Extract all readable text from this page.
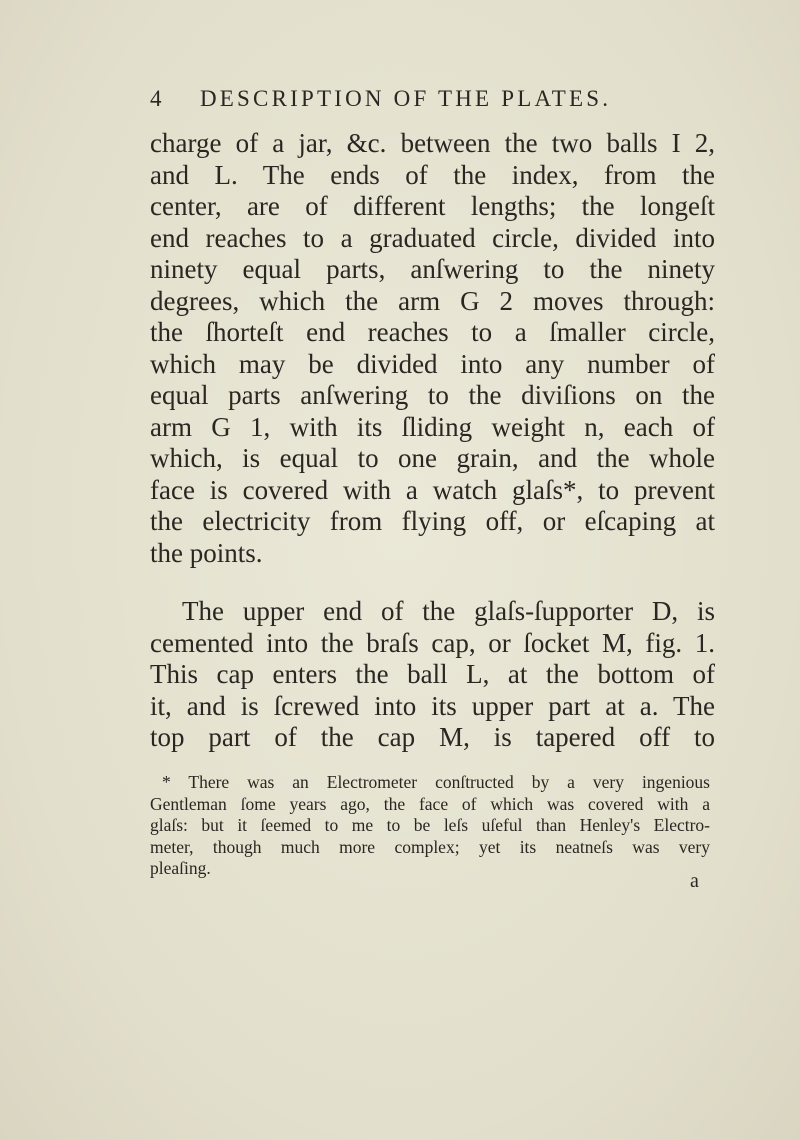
4 DESCRIPTION OF THE PLATES.
charge of a jar, &c. between the two balls I 2,
and L. The ends of the index, from the
center, are of different lengths; the longeſt
end reaches to a graduated circle, divided into
ninety equal parts, anſwering to the ninety
degrees, which the arm G 2 moves through:
the ſhorteſt end reaches to a ſmaller circle,
which may be divided into any number of
equal parts anſwering to the diviſions on the
arm G 1, with its ſliding weight n, each of
which, is equal to one grain, and the whole
face is covered with a watch glaſs*, to prevent
the electricity from flying off, or eſcaping at
the points.
The upper end of the glaſs-ſupporter D, is
cemented into the braſs cap, or ſocket M, fig. 1.
This cap enters the ball L, at the bottom of
it, and is ſcrewed into its upper part at a. The
top part of the cap M, is tapered off to
* There was an Electrometer conſtructed by a very ingenious
Gentleman ſome years ago, the face of which was covered with a
glaſs: but it ſeemed to me to be leſs uſeful than Henley's Electro-
meter, though much more complex; yet its neatneſs was very
pleaſing.
a
